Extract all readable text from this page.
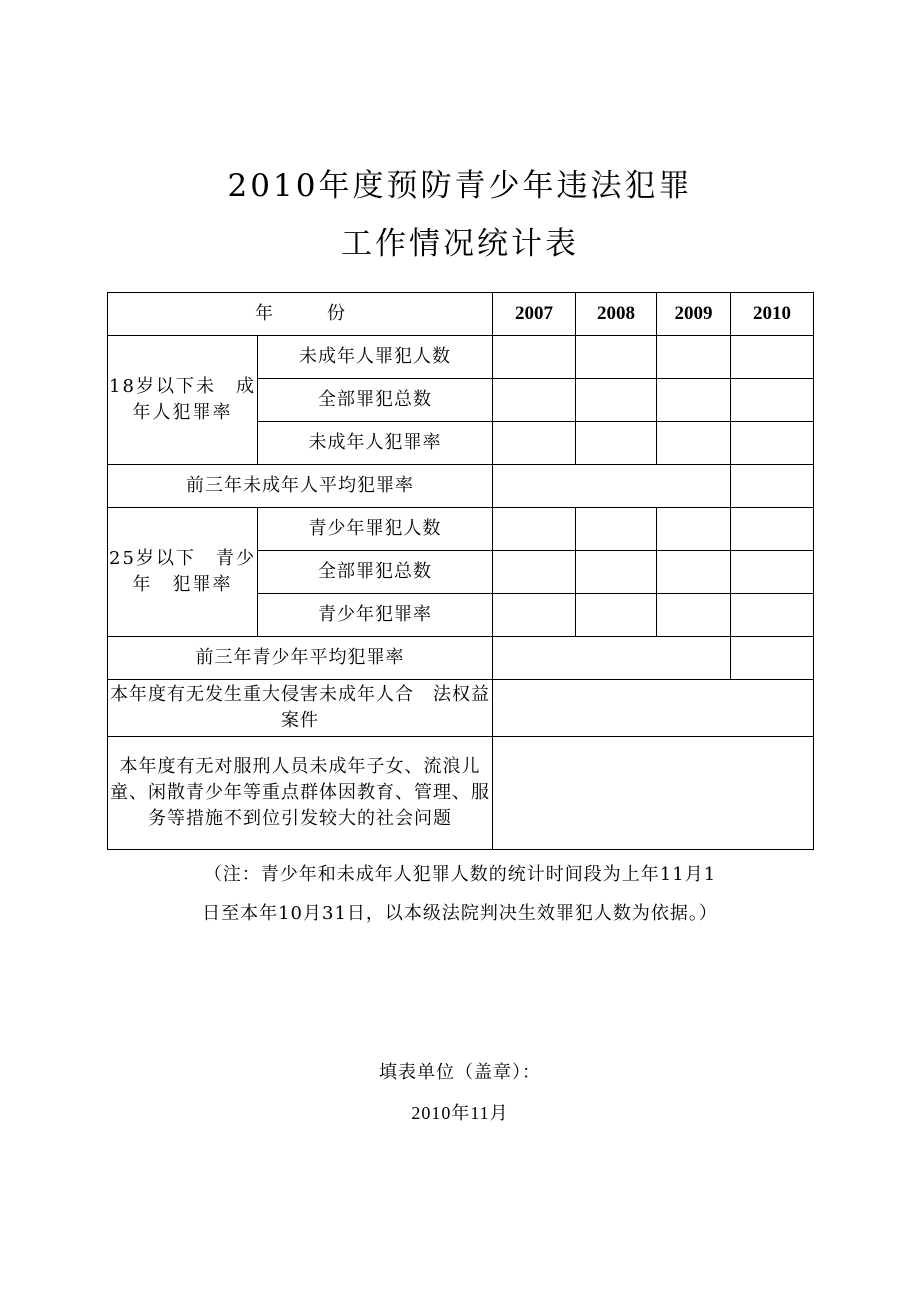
2010年度预防青少年违法犯罪
工作情况统计表
年　　　份		2007	2008	2009	2010
18岁以下未　成年人犯罪率	未成年人罪犯人数				
	全部罪犯总数				
	未成年人犯罪率				
前三年未成年人平均犯罪率					
25岁以下　青少年　犯罪率	青少年罪犯人数				
	全部罪犯总数				
	青少年犯罪率				
前三年青少年平均犯罪率					
本年度有无发生重大侵害未成年人合　法权益案件					
本年度有无对服刑人员未成年子女、流浪儿童、闲散青少年等重点群体因教育、管理、服务等措施不到位引发较大的社会问题					
（注：青少年和未成年人犯罪人数的统计时间段为上年11月1
日至本年10月31日，以本级法院判决生效罪犯人数为依据。）
填表单位（盖章）：
2010年11月
